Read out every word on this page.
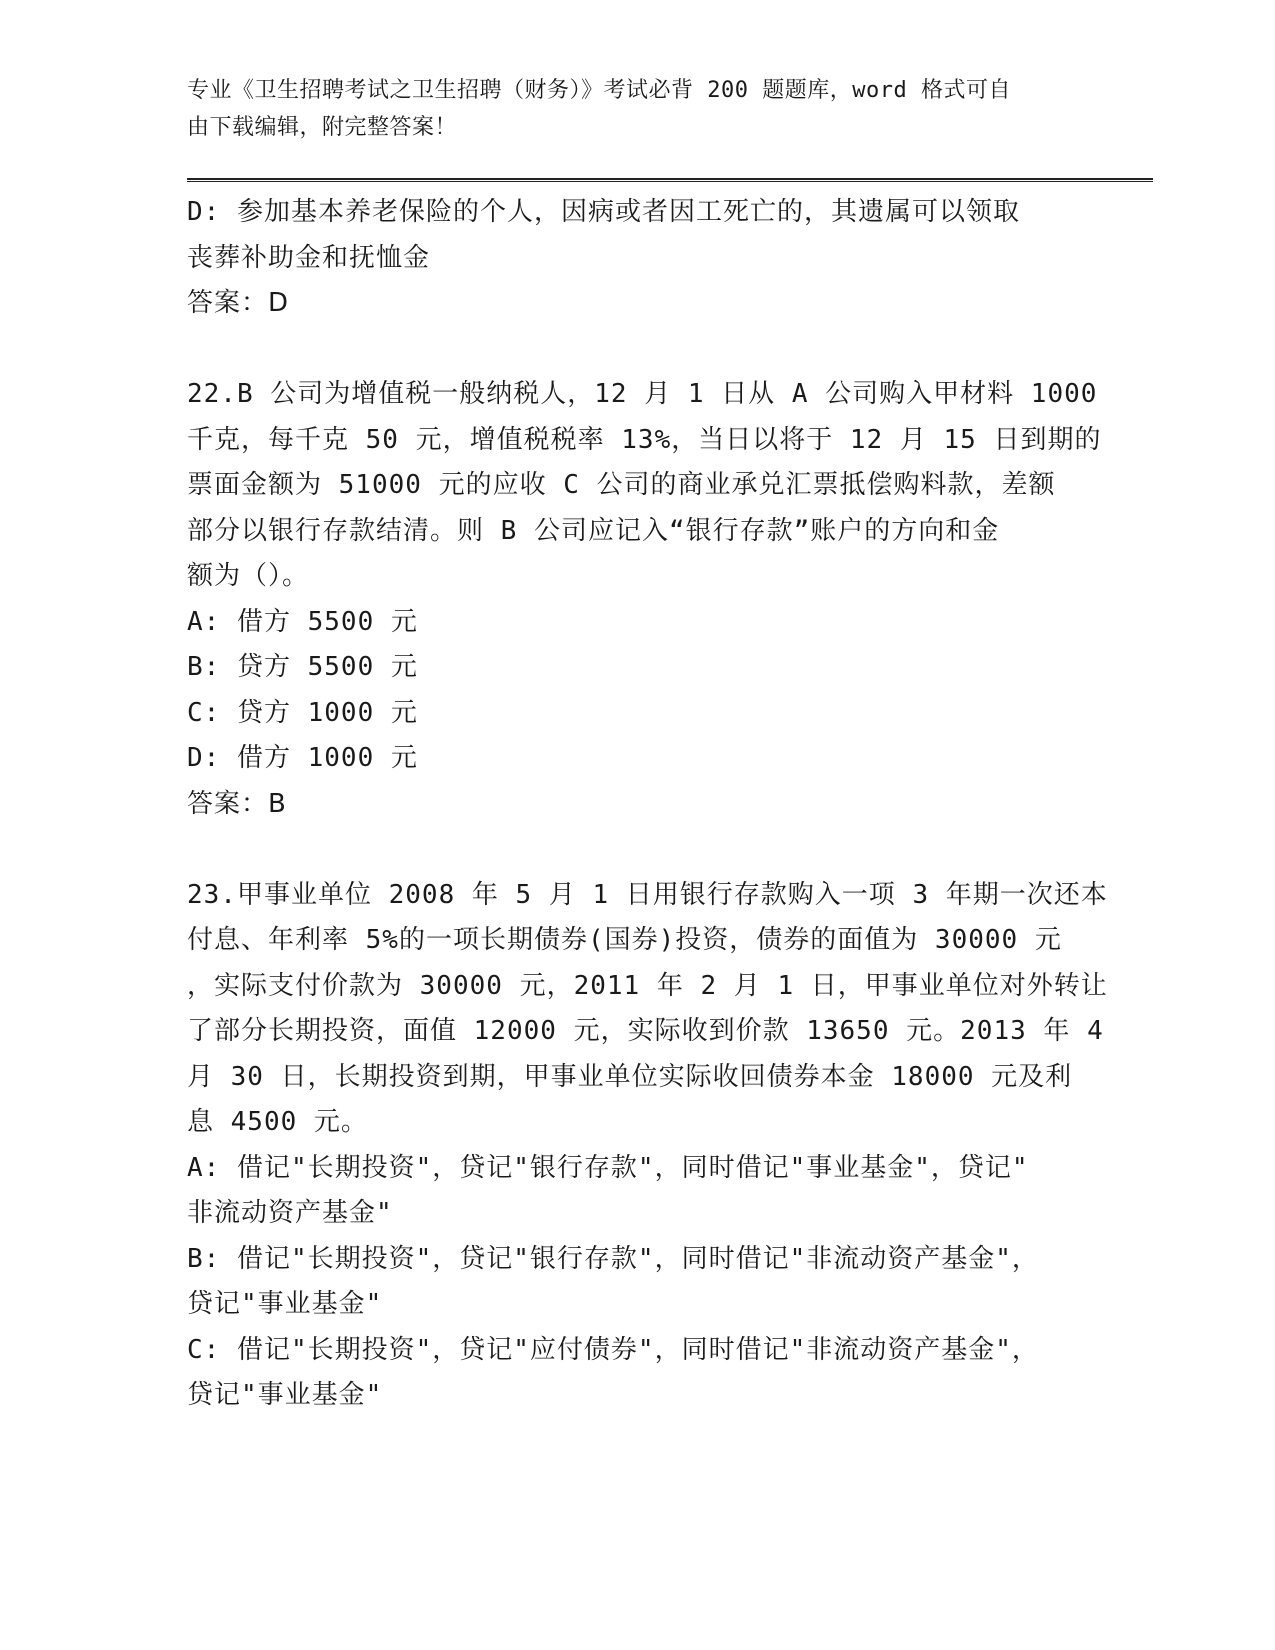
专业《卫生招聘考试之卫生招聘（财务）》考试必背 200 题题库，word 格式可自
由下载编辑，附完整答案！
D: 参加基本养老保险的个人，因病或者因工死亡的，其遗属可以领取
丧葬补助金和抚恤金
答案：D
22.B 公司为增值税一般纳税人，12 月 1 日从 A 公司购入甲材料 1000
千克，每千克 50 元，增值税税率 13%，当日以将于 12 月 15 日到期的
票面金额为 51000 元的应收 C 公司的商业承兑汇票抵偿购料款，差额
部分以银行存款结清。则 B 公司应记入“银行存款”账户的方向和金
额为（）。
A: 借方 5500 元
B: 贷方 5500 元
C: 贷方 1000 元
D: 借方 1000 元
答案：B
23.甲事业单位 2008 年 5 月 1 日用银行存款购入一项 3 年期一次还本
付息、年利率 5%的一项长期债券(国券)投资，债券的面值为 30000 元
，实际支付价款为 30000 元，2011 年 2 月 1 日，甲事业单位对外转让
了部分长期投资，面值 12000 元，实际收到价款 13650 元。2013 年 4
月 30 日，长期投资到期，甲事业单位实际收回债券本金 18000 元及利
息 4500 元。
A: 借记"长期投资"，贷记"银行存款"，同时借记"事业基金"，贷记"
非流动资产基金"
B: 借记"长期投资"，贷记"银行存款"，同时借记"非流动资产基金"，
贷记"事业基金"
C: 借记"长期投资"，贷记"应付债券"，同时借记"非流动资产基金"，
贷记"事业基金"
